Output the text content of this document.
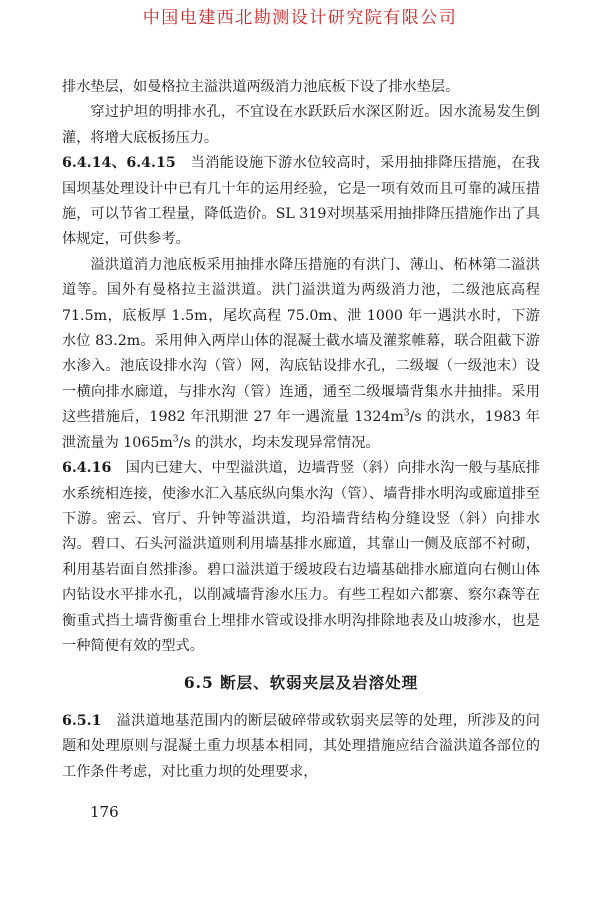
中国电建西北勘测设计研究院有限公司

排水垫层，如曼格拉主溢洪道两级消力池底板下设了排水垫层。

穿过护坦的明排水孔，不宜设在水跃跃后水深区附近。因水流易发生倒灌，将增大底板扬压力。

6.4.14、6.4.15　 当消能设施下游水位较高时，采用抽排降压措施，在我国坝基处理设计中已有几十年的运用经验，它是一项有效而且可靠的减压措施，可以节省工程量，降低造价。SL 319对坝基采用抽排降压措施作出了具体规定，可供参考。

溢洪道消力池底板采用抽排水降压措施的有洪门、薄山、柘林第二溢洪道等。国外有曼格拉主溢洪道。洪门溢洪道为两级消力池，二级池底高程 71.5m，底板厚 1.5m，尾坎高程 75.0m、泄 1000 年一遇洪水时，下游水位 83.2m。采用伸入两岸山体的混凝土截水墙及灌浆帷幕，联合阻截下游水渗入。池底设排水沟（管）网，沟底钻设排水孔，二级堰（一级池末）设一横向排水廊道，与排水沟（管）连通，通至二级堰墙背集水井抽排。采用这些措施后，1982 年汛期泄 27 年一遇流量 $1324m^3/s$ 的洪水，1983 年泄流量为 $1065m^3/s$ 的洪水，均未发现异常情况。

6.4.16　 国内已建大、中型溢洪道，边墙背竖（斜）向排水沟一般与基底排水系统相连接，使渗水汇入基底纵向集水沟（管）、墙背排水明沟或廊道排至下游。密云、官厅、升钟等溢洪道，均沿墙背结构分缝设竖（斜）向排水沟。碧口、石头河溢洪道则利用墙基排水廊道，其靠山一侧及底部不衬砌，利用基岩面自然排渗。碧口溢洪道于缓坡段右边墙基础排水廊道向右侧山体内钻设水平排水孔，以削减墙背渗水压力。有些工程如六都寨、察尔森等在衡重式挡土墙背衡重台上埋排水管或设排水明沟排除地表及山坡渗水，也是一种简便有效的型式。

6.5 断层、软弱夹层及岩溶处理

6.5.1　 溢洪道地基范围内的断层破碎带或软弱夹层等的处理，所涉及的问题和处理原则与混凝土重力坝基本相同，其处理措施应结合溢洪道各部位的工作条件考虑，对比重力坝的处理要求，

176
